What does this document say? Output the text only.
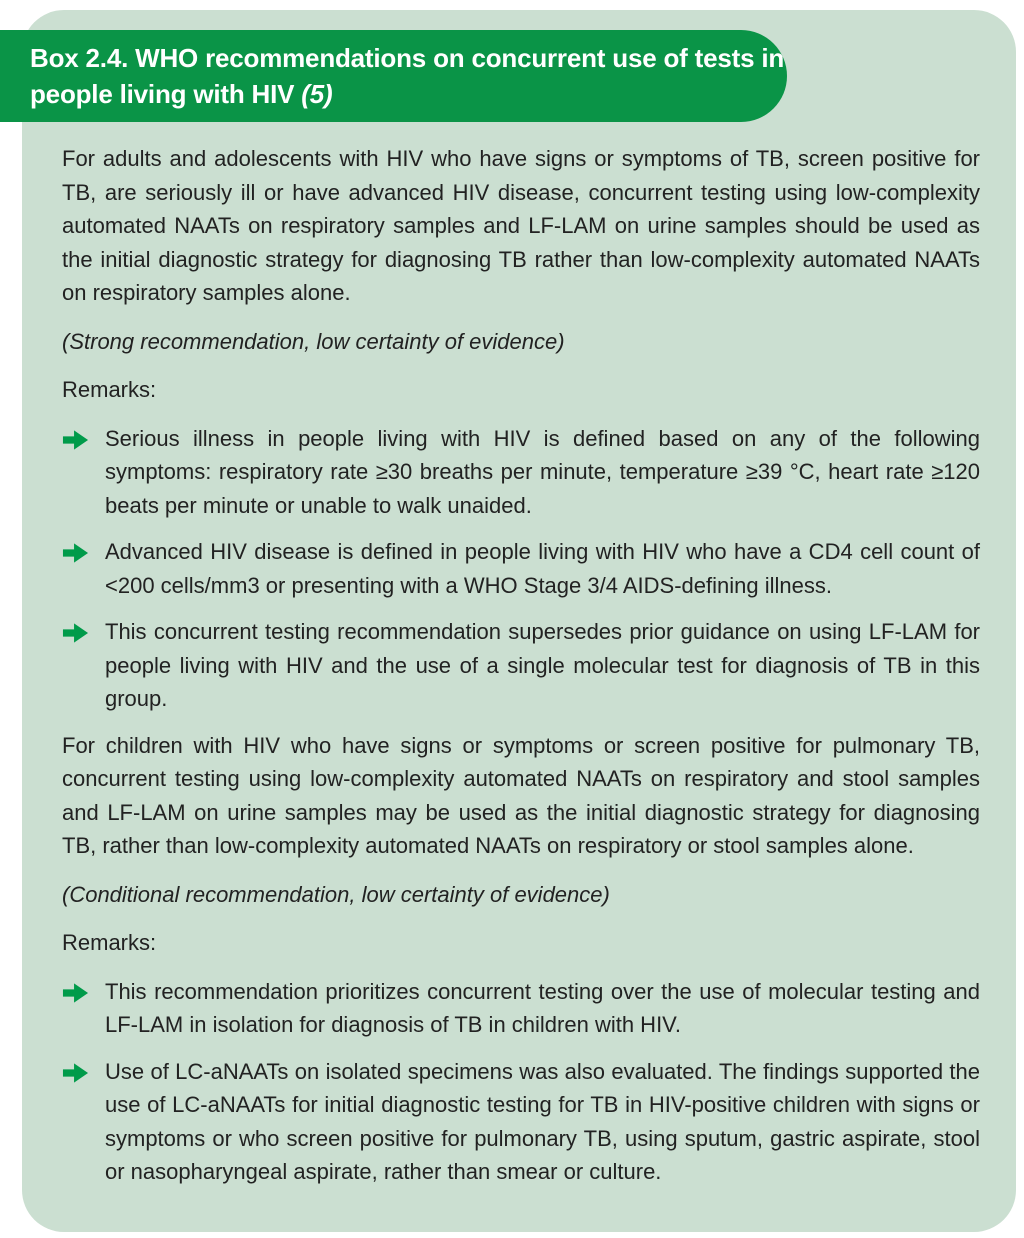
For adults and adolescents with HIV who have signs or symptoms of TB, screen positive for TB, are seriously ill or have advanced HIV disease, concurrent testing using low-complexity automated NAATs on respiratory samples and LF-LAM on urine samples should be used as the initial diagnostic strategy for diagnosing TB rather than low-complexity automated NAATs on respiratory samples alone.

(Strong recommendation, low certainty of evidence)

Remarks:

Serious illness in people living with HIV is defined based on any of the following symptoms: respiratory rate ≥30 breaths per minute, temperature ≥39 °C, heart rate ≥120 beats per minute or unable to walk unaided.

Advanced HIV disease is defined in people living with HIV who have a CD4 cell count of <200 cells/mm3 or presenting with a WHO Stage 3/4 AIDS-defining illness.

This concurrent testing recommendation supersedes prior guidance on using LF-LAM for people living with HIV and the use of a single molecular test for diagnosis of TB in this group.

For children with HIV who have signs or symptoms or screen positive for pulmonary TB, concurrent testing using low-complexity automated NAATs on respiratory and stool samples and LF-LAM on urine samples may be used as the initial diagnostic strategy for diagnosing TB, rather than low-complexity automated NAATs on respiratory or stool samples alone.

(Conditional recommendation, low certainty of evidence)

Remarks:

This recommendation prioritizes concurrent testing over the use of molecular testing and LF-LAM in isolation for diagnosis of TB in children with HIV.

Use of LC-aNAATs on isolated specimens was also evaluated. The findings supported the use of LC-aNAATs for initial diagnostic testing for TB in HIV-positive children with signs or symptoms or who screen positive for pulmonary TB, using sputum, gastric aspirate, stool or nasopharyngeal aspirate, rather than smear or culture.

Box 2.4. WHO recommendations on concurrent use of tests in
people living with HIV (5)
